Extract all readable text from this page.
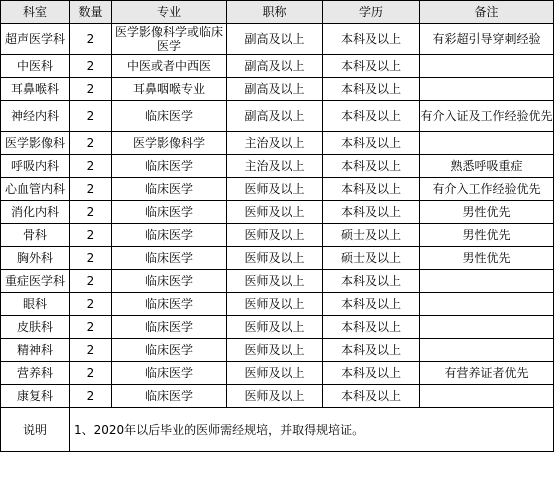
科室	数量	专业	职称	学历	备注
超声医学科	2	医学影像科学或临床医学	副高及以上	本科及以上	有彩超引导穿刺经验
中医科	2	中医或者中西医	副高及以上	本科及以上	
耳鼻喉科	2	耳鼻咽喉专业	副高及以上	本科及以上	
神经内科	2	临床医学	副高及以上	本科及以上	有介入证及工作经验优先
医学影像科	2	医学影像科学	主治及以上	本科及以上	
呼吸内科	2	临床医学	主治及以上	本科及以上	熟悉呼吸重症
心血管内科	2	临床医学	医师及以上	本科及以上	有介入工作经验优先
消化内科	2	临床医学	医师及以上	本科及以上	男性优先
骨科	2	临床医学	医师及以上	硕士及以上	男性优先
胸外科	2	临床医学	医师及以上	硕士及以上	男性优先
重症医学科	2	临床医学	医师及以上	本科及以上	
眼科	2	临床医学	医师及以上	本科及以上	
皮肤科	2	临床医学	医师及以上	本科及以上	
精神科	2	临床医学	医师及以上	本科及以上	
营养科	2	临床医学	医师及以上	本科及以上	有营养证者优先
康复科	2	临床医学	医师及以上	本科及以上	
说明	1、2020年以后毕业的医师需经规培，并取得规培证。				
